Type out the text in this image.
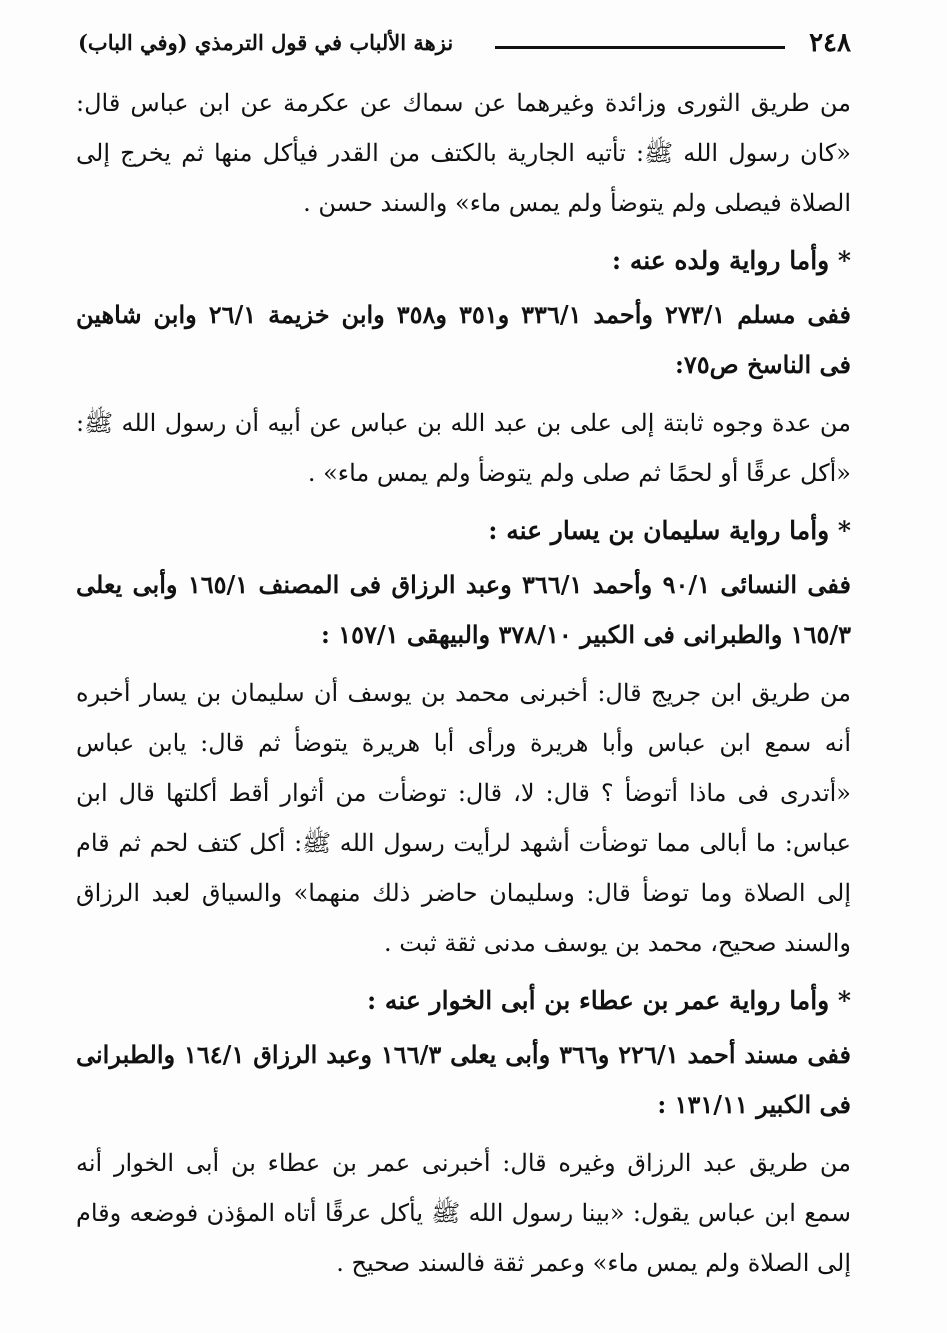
٢٤٨
نزهة الألباب في قول الترمذي (وفي الباب)

من طريق الثورى وزائدة وغيرهما عن سماك عن عكرمة عن ابن عباس قال: «كان رسول الله ﷺ: تأتيه الجارية بالكتف من القدر فيأكل منها ثم يخرج إلى الصلاة فيصلى ولم يتوضأ ولم يمس ماء» والسند حسن .

* وأما رواية ولده عنه :

ففى مسلم ٢٧٣/١ وأحمد ٣٣٦/١ و٣٥١ و٣٥٨ وابن خزيمة ٢٦/١ وابن شاهين فى الناسخ ص٧٥:

من عدة وجوه ثابتة إلى على بن عبد الله بن عباس عن أبيه أن رسول الله ﷺ: «أكل عرقًا أو لحمًا ثم صلى ولم يتوضأ ولم يمس ماء» .

* وأما رواية سليمان بن يسار عنه :

ففى النسائى ٩٠/١ وأحمد ٣٦٦/١ وعبد الرزاق فى المصنف ١٦٥/١ وأبى يعلى ١٦٥/٣ والطبرانى فى الكبير ٣٧٨/١٠ والبيهقى ١٥٧/١ :

من طريق ابن جريج قال: أخبرنى محمد بن يوسف أن سليمان بن يسار أخبره أنه سمع ابن عباس وأبا هريرة ورأى أبا هريرة يتوضأ ثم قال: يابن عباس «أتدرى فى ماذا أتوضأ ؟ قال: لا، قال: توضأت من أثوار أقط أكلتها قال ابن عباس: ما أبالى مما توضأت أشهد لرأيت رسول الله ﷺ: أكل كتف لحم ثم قام إلى الصلاة وما توضأ قال: وسليمان حاضر ذلك منهما» والسياق لعبد الرزاق والسند صحيح، محمد بن يوسف مدنى ثقة ثبت .

* وأما رواية عمر بن عطاء بن أبى الخوار عنه :

ففى مسند أحمد ٢٢٦/١ و٣٦٦ وأبى يعلى ١٦٦/٣ وعبد الرزاق ١٦٤/١ والطبرانى فى الكبير ١٣١/١١ :

من طريق عبد الرزاق وغيره قال: أخبرنى عمر بن عطاء بن أبى الخوار أنه سمع ابن عباس يقول: «بينا رسول الله ﷺ يأكل عرقًا أتاه المؤذن فوضعه وقام إلى الصلاة ولم يمس ماء» وعمر ثقة فالسند صحيح .
